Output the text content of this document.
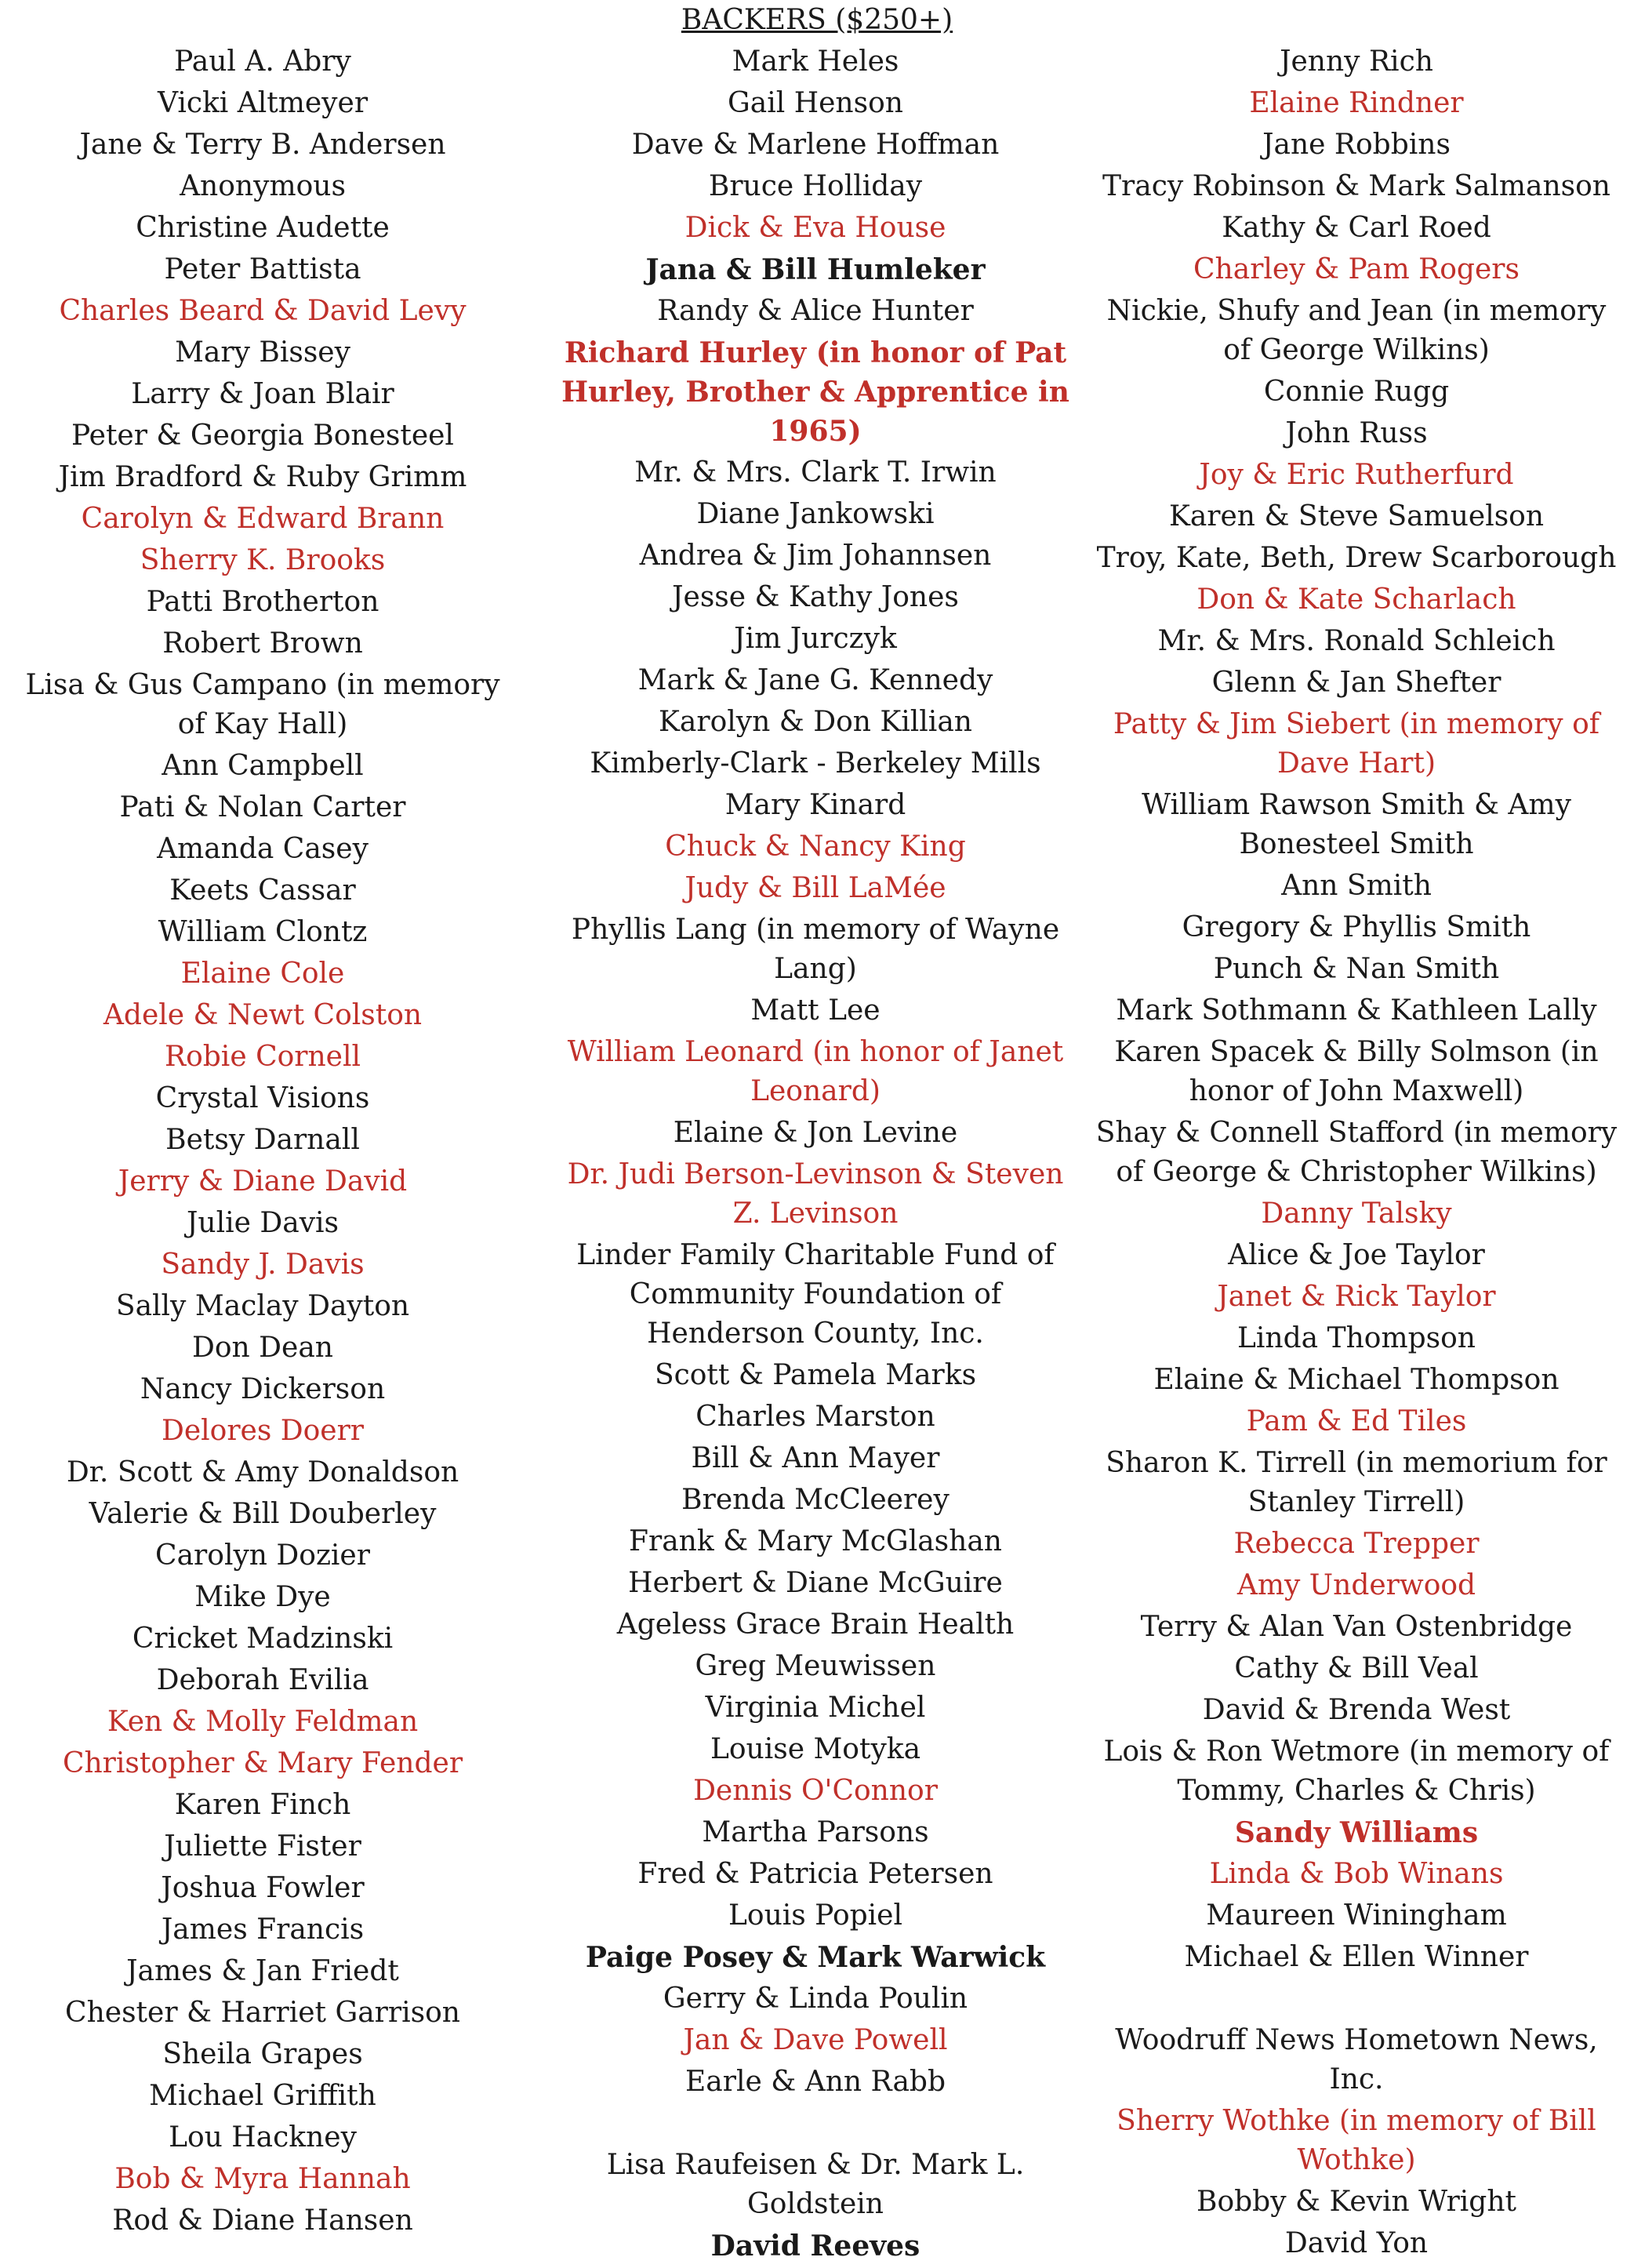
BACKERS ($250+)
Paul A. Abry
Vicki Altmeyer
Jane & Terry B. Andersen
Anonymous
Christine Audette
Peter Battista
Charles Beard & David Levy
Mary Bissey
Larry & Joan Blair
Peter & Georgia Bonesteel
Jim Bradford & Ruby Grimm
Carolyn & Edward Brann
Sherry K. Brooks
Patti Brotherton
Robert Brown
Lisa & Gus Campano (in memory of Kay Hall)
Ann Campbell
Pati & Nolan Carter
Amanda Casey
Keets Cassar
William Clontz
Elaine Cole
Adele & Newt Colston
Robie Cornell
Crystal Visions
Betsy Darnall
Jerry & Diane David
Julie Davis
Sandy J. Davis
Sally Maclay Dayton
Don Dean
Nancy Dickerson
Delores Doerr
Dr. Scott & Amy Donaldson
Valerie & Bill Douberley
Carolyn Dozier
Mike Dye
Cricket Madzinski
Deborah Evilia
Ken & Molly Feldman
Christopher & Mary Fender
Karen Finch
Juliette Fister
Joshua Fowler
James Francis
James & Jan Friedt
Chester & Harriet Garrison
Sheila Grapes
Michael Griffith
Lou Hackney
Bob & Myra Hannah
Rod & Diane Hansen
Mark Heles
Gail Henson
Dave & Marlene Hoffman
Bruce Holliday
Dick & Eva House
Jana & Bill Humleker
Randy & Alice Hunter
Richard Hurley (in honor of Pat Hurley, Brother & Apprentice in 1965)
Mr. & Mrs. Clark T. Irwin
Diane Jankowski
Andrea & Jim Johannsen
Jesse & Kathy Jones
Jim Jurczyk
Mark & Jane G. Kennedy
Karolyn & Don Killian
Kimberly-Clark - Berkeley Mills
Mary Kinard
Chuck & Nancy King
Judy & Bill LaMée
Phyllis Lang (in memory of Wayne Lang)
Matt Lee
William Leonard (in honor of Janet Leonard)
Elaine & Jon Levine
Dr. Judi Berson-Levinson & Steven Z. Levinson
Linder Family Charitable Fund of Community Foundation of Henderson County, Inc.
Scott & Pamela Marks
Charles Marston
Bill & Ann Mayer
Brenda McCleerey
Frank & Mary McGlashan
Herbert & Diane McGuire
Ageless Grace Brain Health
Greg Meuwissen
Virginia Michel
Louise Motyka
Dennis O'Connor
Martha Parsons
Fred & Patricia Petersen
Louis Popiel
Paige Posey & Mark Warwick
Gerry & Linda Poulin
Jan & Dave Powell
Earle & Ann Rabb
Lisa Raufeisen & Dr. Mark L. Goldstein
David Reeves
Jenny Rich
Elaine Rindner
Jane Robbins
Tracy Robinson & Mark Salmanson
Kathy & Carl Roed
Charley & Pam Rogers
Nickie, Shufy and Jean (in memory of George Wilkins)
Connie Rugg
John Russ
Joy & Eric Rutherfurd
Karen & Steve Samuelson
Troy, Kate, Beth, Drew Scarborough
Don & Kate Scharlach
Mr. & Mrs. Ronald Schleich
Glenn & Jan Shefter
Patty & Jim Siebert (in memory of Dave Hart)
William Rawson Smith & Amy Bonesteel Smith
Ann Smith
Gregory & Phyllis Smith
Punch & Nan Smith
Mark Sothmann & Kathleen Lally
Karen Spacek & Billy Solmson (in honor of John Maxwell)
Shay & Connell Stafford (in memory of George & Christopher Wilkins)
Danny Talsky
Alice & Joe Taylor
Janet & Rick Taylor
Linda Thompson
Elaine & Michael Thompson
Pam & Ed Tiles
Sharon K. Tirrell (in memorium for Stanley Tirrell)
Rebecca Trepper
Amy Underwood
Terry & Alan Van Ostenbridge
Cathy & Bill Veal
David & Brenda West
Lois & Ron Wetmore (in memory of Tommy, Charles & Chris)
Sandy Williams
Linda & Bob Winans
Maureen Winingham
Michael & Ellen Winner
Woodruff News Hometown News, Inc.
Sherry Wothke (in memory of Bill Wothke)
Bobby & Kevin Wright
David Yon
